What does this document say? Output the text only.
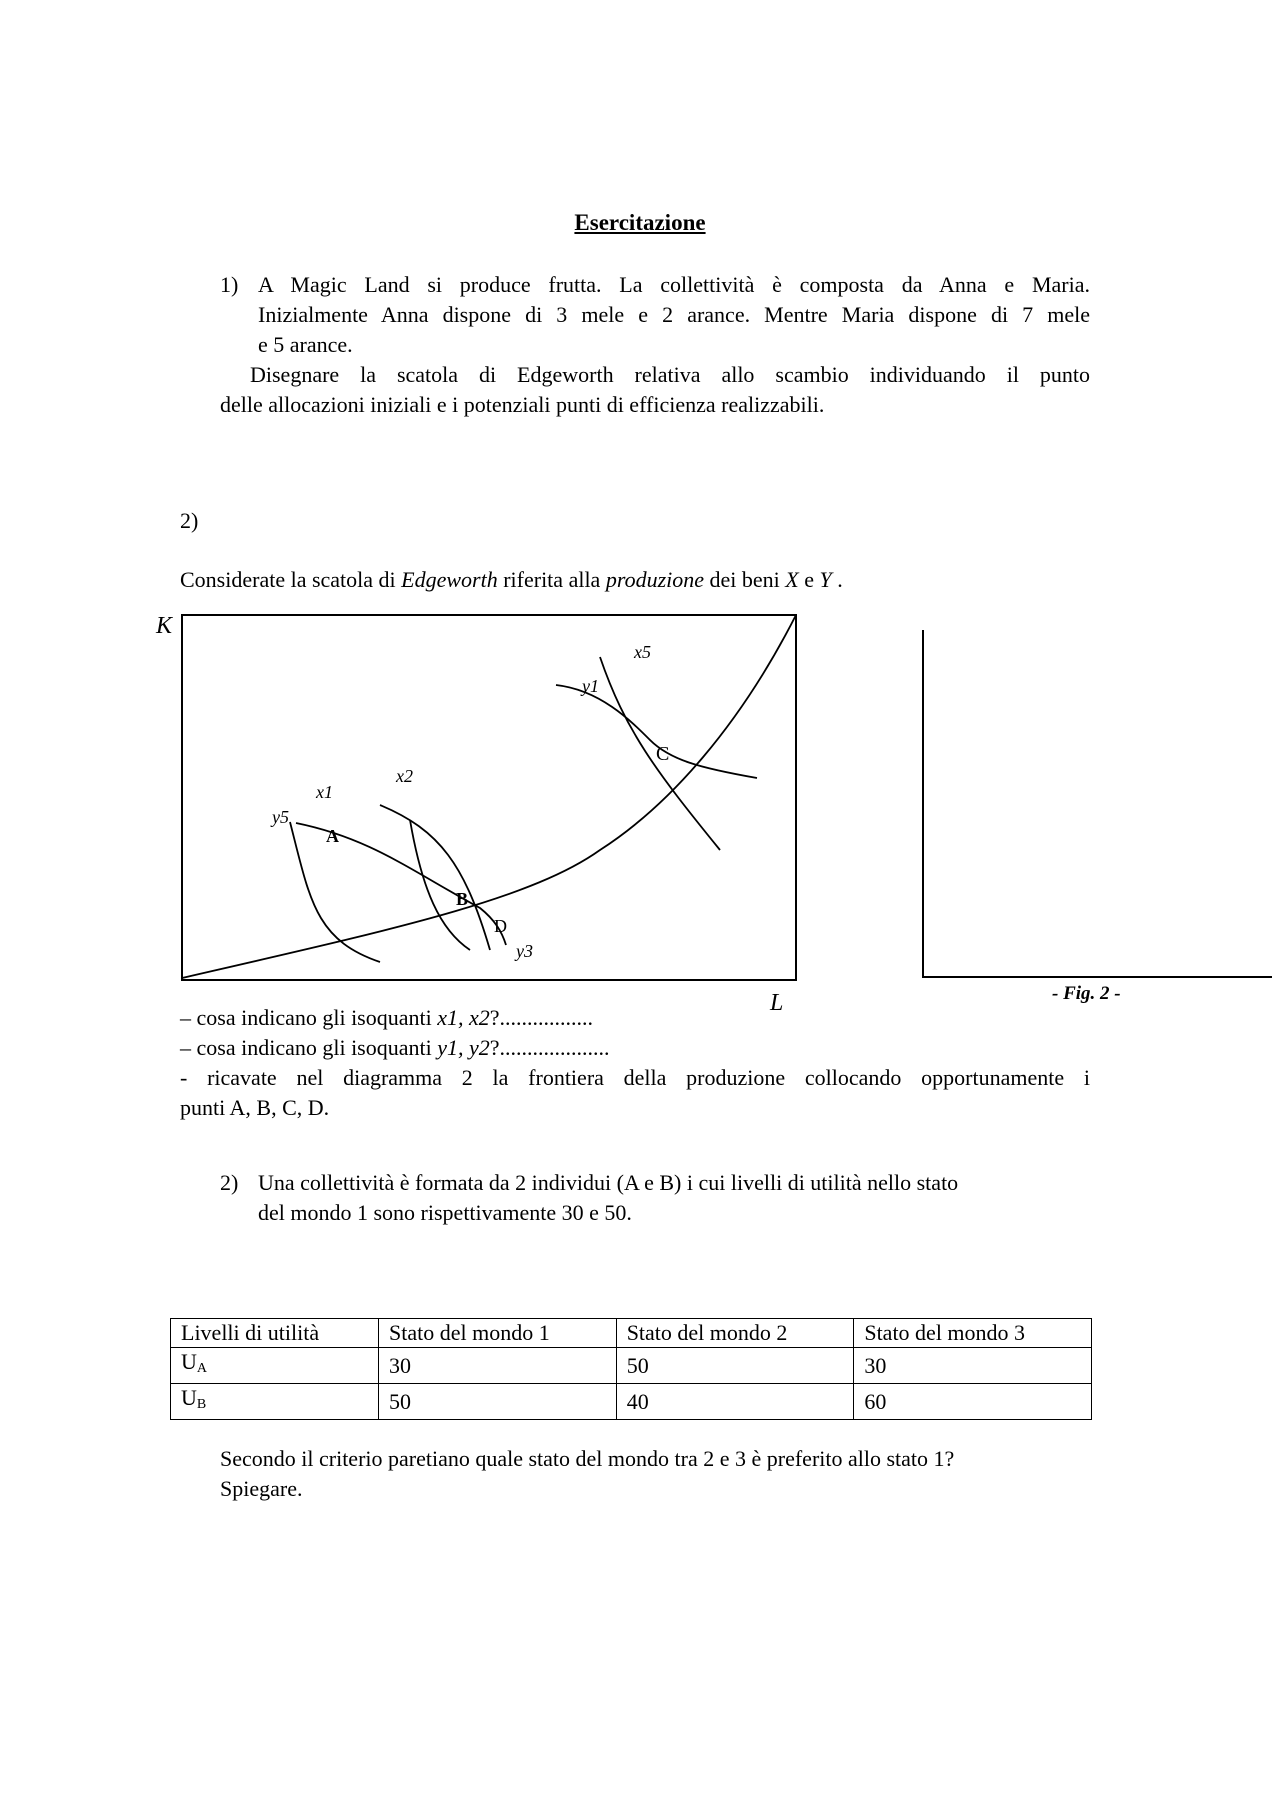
Esercitazione
1) A Magic Land si produce frutta. La collettività è composta da Anna e Maria.
Inizialmente Anna dispone di 3 mele e 2 arance. Mentre Maria dispone di 7 mele
e 5 arance.
Disegnare la scatola di Edgeworth relativa allo scambio individuando il punto
delle allocazioni iniziali e i potenziali punti di efficienza realizzabili.
2)
Considerate la scatola di Edgeworth riferita alla produzione dei beni X e Y .
K
x5
y1
x2
x1
y5
y3
A
B
C
D
L	- Fig. 2 -
– cosa indicano gli isoquanti x1, x2?.................
– cosa indicano gli isoquanti y1, y2?....................
- ricavate nel diagramma 2 la frontiera della produzione collocando opportunamente i
punti A, B, C, D.
2) Una collettività è formata da 2 individui (A e B) i cui livelli di utilità nello stato
del mondo 1 sono rispettivamente 30 e 50.
Livelli di utilità	Stato del mondo 1	Stato del mondo 2	Stato del mondo 3
$U_A$	30	50	30
$U_B$	50	40	60
Secondo il criterio paretiano quale stato del mondo tra 2 e 3 è preferito allo stato 1?
Spiegare.
